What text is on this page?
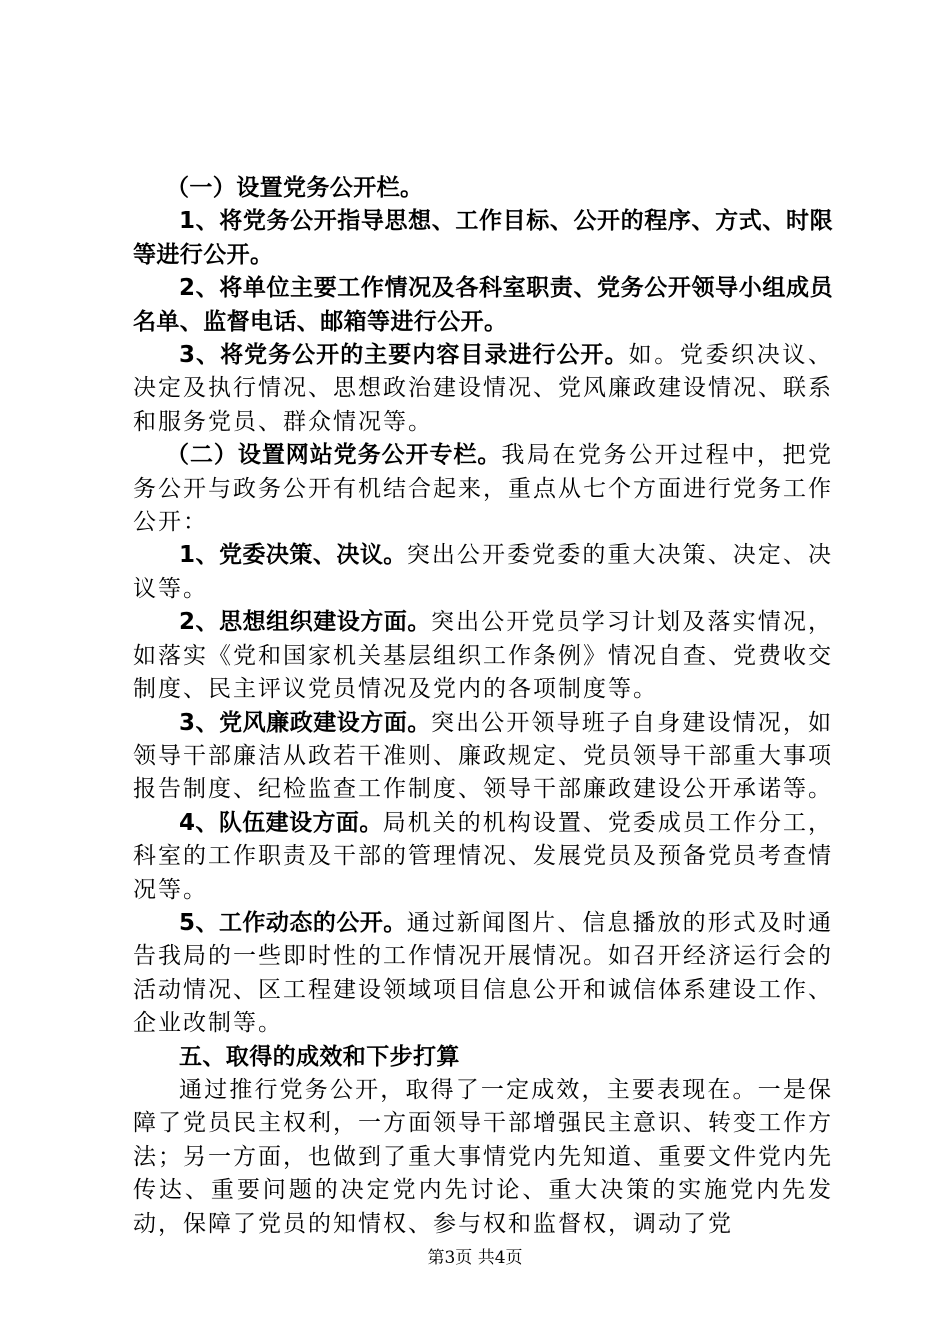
（一）设置党务公开栏。

1、将党务公开指导思想、工作目标、公开的程序、方式、时限等进行公开。

2、将单位主要工作情况及各科室职责、党务公开领导小组成员名单、监督电话、邮箱等进行公开。

3、将党务公开的主要内容目录进行公开。如。党委织决议、决定及执行情况、思想政治建设情况、党风廉政建设情况、联系和服务党员、群众情况等。

（二）设置网站党务公开专栏。我局在党务公开过程中，把党务公开与政务公开有机结合起来，重点从七个方面进行党务工作公开：

1、党委决策、决议。突出公开委党委的重大决策、决定、决议等。

2、思想组织建设方面。突出公开党员学习计划及落实情况，如落实《党和国家机关基层组织工作条例》情况自查、党费收交制度、民主评议党员情况及党内的各项制度等。

3、党风廉政建设方面。突出公开领导班子自身建设情况，如领导干部廉洁从政若干准则、廉政规定、党员领导干部重大事项报告制度、纪检监查工作制度、领导干部廉政建设公开承诺等。

4、队伍建设方面。局机关的机构设置、党委成员工作分工，科室的工作职责及干部的管理情况、发展党员及预备党员考查情况等。

5、工作动态的公开。通过新闻图片、信息播放的形式及时通告我局的一些即时性的工作情况开展情况。如召开经济运行会的活动情况、区工程建设领域项目信息公开和诚信体系建设工作、企业改制等。

五、取得的成效和下步打算

通过推行党务公开，取得了一定成效，主要表现在。一是保障了党员民主权利，一方面领导干部增强民主意识、转变工作方法；另一方面，也做到了重大事情党内先知道、重要文件党内先传达、重要问题的决定党内先讨论、重大决策的实施党内先发动，保障了党员的知情权、参与权和监督权，调动了党

第3页 共4页
